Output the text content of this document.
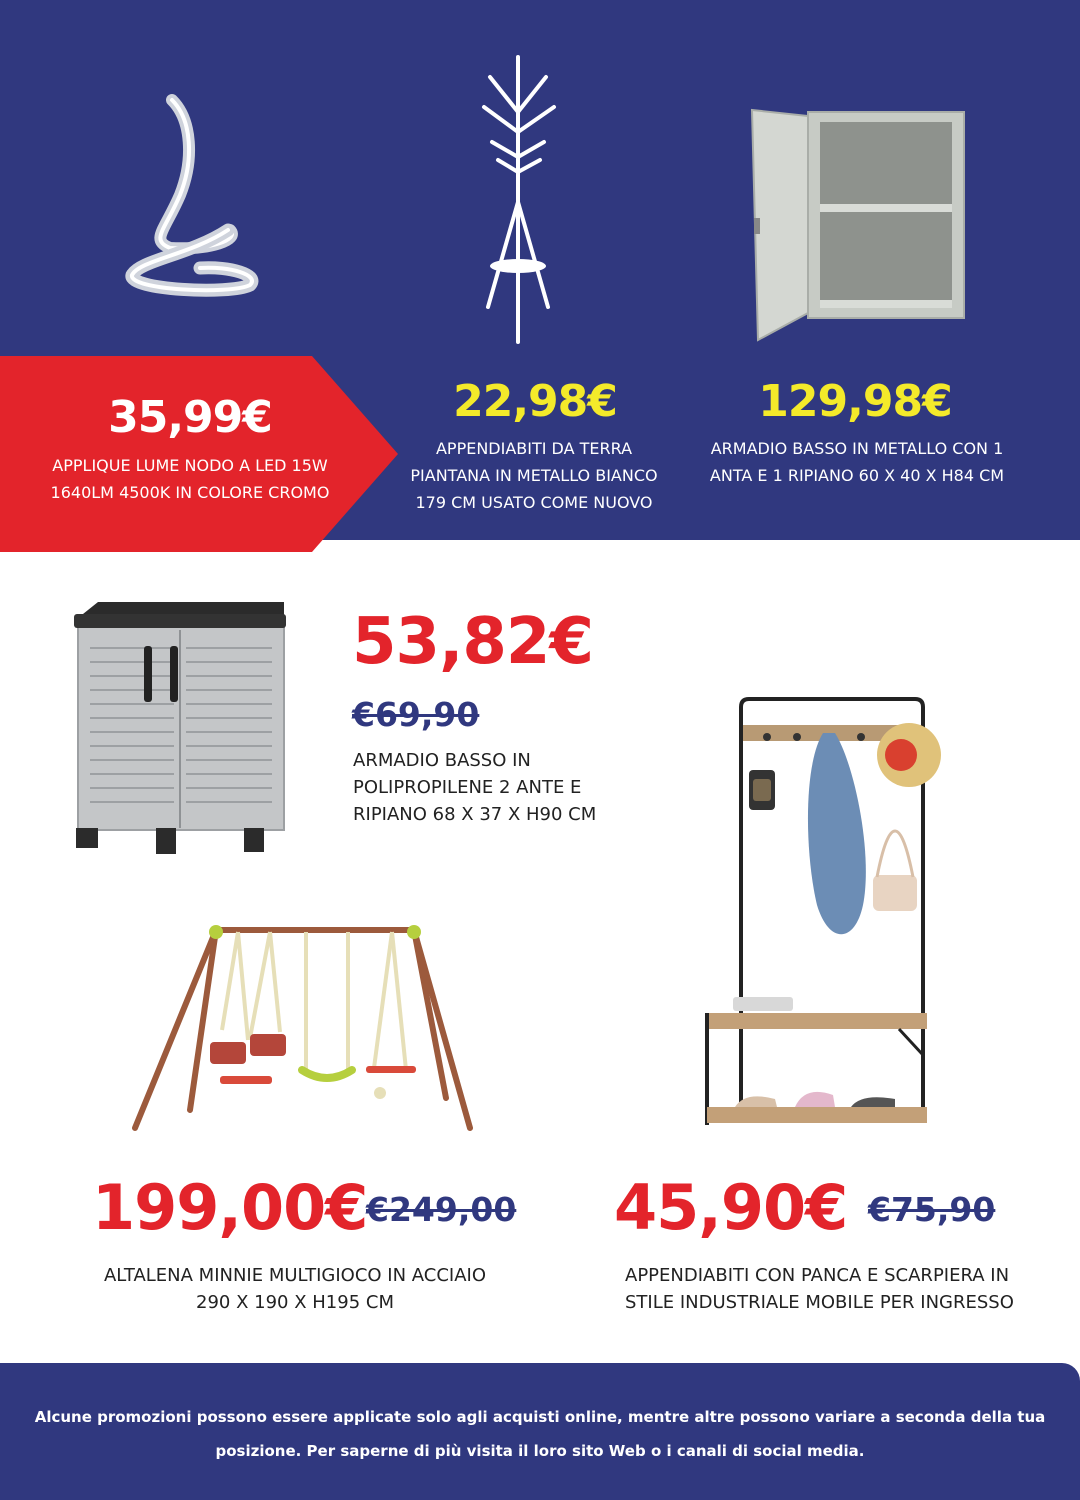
35,99€
APPLIQUE LUME NODO A LED 15W 1640LM 4500K IN COLORE CROMO
22,98€
APPENDIABITI DA TERRA PIANTANA IN METALLO BIANCO 179 CM USATO COME NUOVO
129,98€
ARMADIO BASSO IN METALLO CON 1 ANTA E 1 RIPIANO 60 X 40 X H84 CM
53,82€
€69,90
ARMADIO BASSO IN POLIPROPILENE 2 ANTE E RIPIANO 68 X 37 X H90 CM
199,00€
€249,00
ALTALENA MINNIE MULTIGIOCO IN ACCIAIO 290 X 190 X H195 CM
45,90€ €75,90
APPENDIABITI CON PANCA E SCARPIERA IN STILE INDUSTRIALE MOBILE PER INGRESSO
Alcune promozioni possono essere applicate solo agli acquisti online, mentre altre possono variare a seconda della tua posizione. Per saperne di più visita il loro sito Web o i canali di social media.
